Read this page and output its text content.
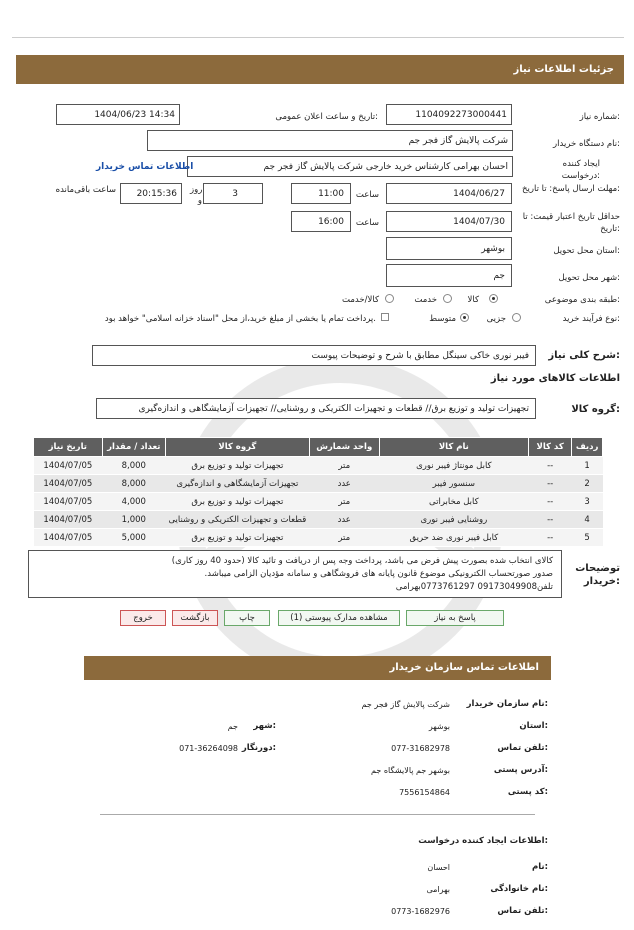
جزئیات اطلاعات نیاز
شماره نیاز:
1104092273000441
تاریخ و ساعت اعلان عمومی:
1404/06/23 14:34
نام دستگاه خریدار:
شرکت پالایش گاز فجر جم
ایجاد کننده درخواست:
احسان بهرامی کارشناس خرید خارجی شرکت پالایش گاز فجر جم
اطلاعات تماس خریدار
مهلت ارسال پاسخ: تا تاریخ:
1404/06/27
ساعت
11:00
3
روز و
20:15:36
ساعت باقی‌مانده
حداقل تاریخ اعتبار قیمت: تا تاریخ:
1404/07/30
ساعت
16:00
استان محل تحویل:
بوشهر
شهر محل تحویل:
جم
طبقه بندی موضوعی:
کالا
خدمت
کالا/خدمت
نوع فرآیند خرید:
جزیی
متوسط
پرداخت تمام یا بخشی از مبلغ خرید،از محل "اسناد خزانه اسلامی" خواهد بود.
شرح کلی نیاز:
فیبر نوری خاکی سینگل مطابق با شرح و توضیحات پیوست
اطلاعات کالاهای مورد نیاز
گروه کالا:
تجهیزات تولید و توزیع برق// قطعات و تجهیزات الکتریکی و روشنایی// تجهیزات آزمایشگاهی و اندازه‌گیری
ردیف	کد کالا	نام کالا	واحد شمارش	گروه کالا	تعداد / مقدار	تاریخ نیاز
1	--	کابل مونتاژ فیبر نوری	متر	تجهیزات تولید و توزیع برق	8,000	1404/07/05
2	--	سنسور فیبر	عدد	تجهیزات آزمایشگاهی و اندازه‌گیری	8,000	1404/07/05
3	--	کابل مخابراتی	متر	تجهیزات تولید و توزیع برق	4,000	1404/07/05
4	--	روشنایی فیبر نوری	عدد	قطعات و تجهیزات الکتریکی و روشنایی	1,000	1404/07/05
5	--	کابل فیبر نوری ضد حریق	متر	تجهیزات تولید و توزیع برق	5,000	1404/07/05
توضیحات خریدار:
کالای انتخاب شده بصورت پیش فرض می باشد، پرداخت وجه پس از دریافت و تائید کالا (حدود 40 روز کاری)
صدور صورتحساب الکترونیکی موضوع قانون پایانه های فروشگاهی و سامانه مؤدیان الزامی میباشد.
تلفن09173049908 0773761297بهرامی
پاسخ به نیاز
مشاهده مدارک پیوستی (1)
چاپ
بازگشت
خروج
اطلاعات تماس سازمان خریدار
نام سازمان خریدار:
شرکت پالایش گاز فجر جم
استان:
بوشهر
شهر:
جم
تلفن تماس:
077-31682978
دورنگار:
071-36264098
آدرس پستی:
بوشهر جم پالایشگاه جم
کد پستی:
7556154864
اطلاعات ایجاد کننده درخواست:
نام:
احسان
نام خانوادگی:
بهرامی
تلفن تماس:
0773-1682976
